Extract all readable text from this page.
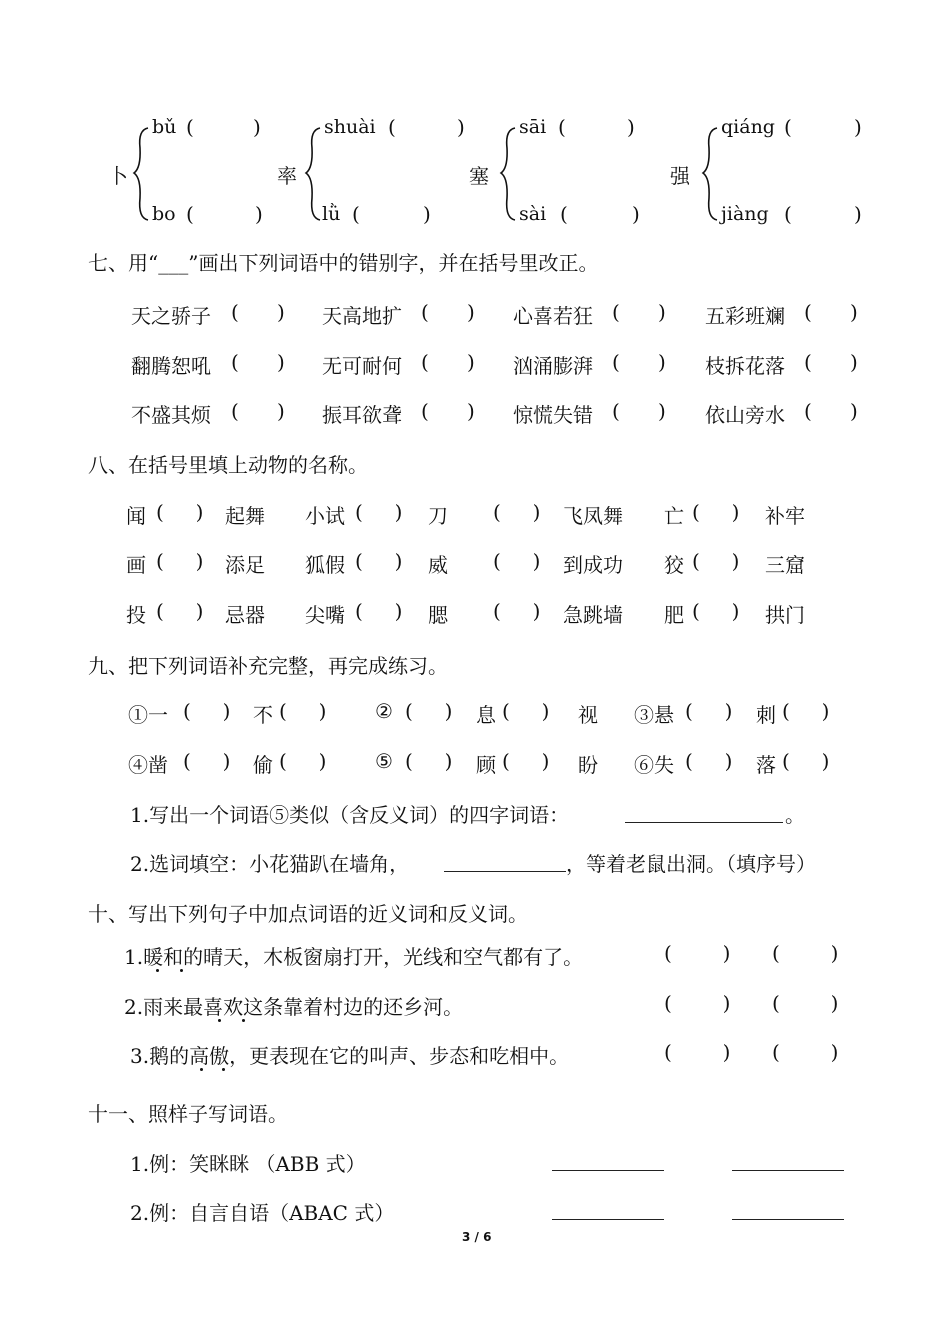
bǔ (	)
卜
bo (	)
shuài (	)
率
lǜ (	)
sāi (	)
塞
sài (	)
qiáng (	)
强
jiàng (	)
七、用“___”画出下列词语中的错别字，并在括号里改正。
天之骄子 (      ) 天高地扩 (      ) 心喜若狂 (      ) 五彩班斓 (      )
翻腾恕吼 (      ) 无可耐何 (      ) 汹涌膨湃 (      ) 枝拆花落 (      )
不盛其烦 (      ) 振耳欲聋 (      ) 惊慌失错 (      ) 依山旁水 (      )
八、在括号里填上动物的名称。
闻 (     ) 起舞 小试 (     ) 刀 (     ) 飞凤舞 亡 (     ) 补牢
画 (     ) 添足 狐假 (     ) 威 (     ) 到成功 狡 (     ) 三窟
投 (     ) 忌器 尖嘴 (     ) 腮 (     ) 急跳墙 肥 (     ) 拱门
九、把下列词语补充完整，再完成练习。
①一 (     ) 不 (     ) ② (     ) 息 (     ) 视 ③悬 (     ) 刺 (     )
④凿 (     ) 偷 (     ) ⑤ (     ) 顾 (     ) 盼 ⑥失 (     ) 落 (     )
1.写出一个词语⑤类似（含反义词）的四字词语：	。
2.选词填空：小花猫趴在墙角，	，等着老鼠出洞。（填序号）
十、写出下列句子中加点词语的近义词和反义词。
1.暖和的晴天，木板窗扇打开，光线和空气都有了。	(        ) (        )
2.雨来最喜欢这条靠着村边的还乡河。	(        ) (        )
3.鹅的高傲，更表现在它的叫声、步态和吃相中。	(        ) (        )
十一、照样子写词语。
1.例：笑眯眯 （ABB 式）
2.例：自言自语（ABAC 式）
3 / 6
